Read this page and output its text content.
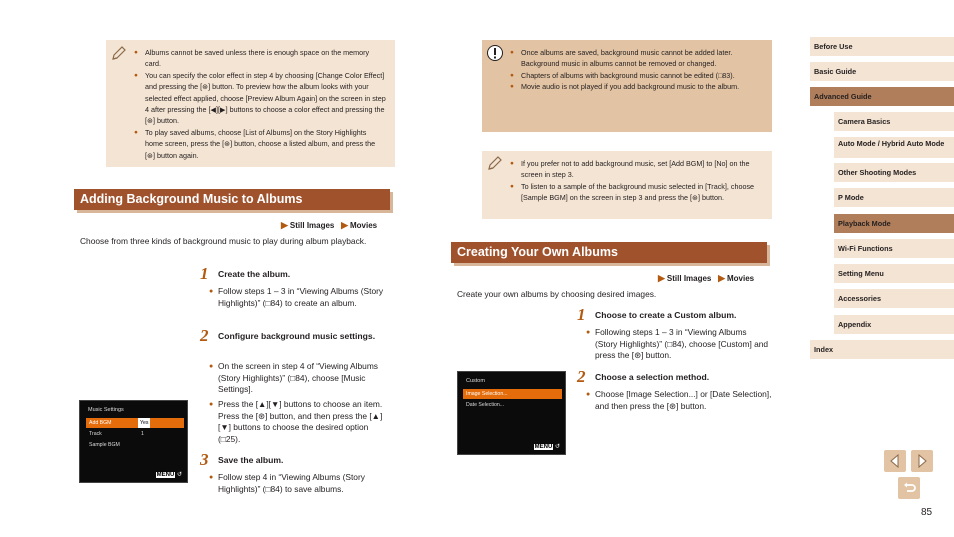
● Albums cannot be saved unless there is enough space on the memory card.
● You can specify the color effect in step 4 by choosing [Change Color Effect] and pressing the [⊛] button. To preview how the album looks with your selected effect applied, choose [Preview Album Again] on the screen in step 4 after pressing the [◀][▶] buttons to choose a color effect and pressing the [⊛] button.
● To play saved albums, choose [List of Albums] on the Story Highlights home screen, press the [⊛] button, choose a listed album, and press the [⊛] button again.
Adding Background Music to Albums
▶ Still Images ▶ Movies
Choose from three kinds of background music to play during album playback.
1 Create the album.
● Follow steps 1 – 3 in “Viewing Albums (Story Highlights)” (□84) to create an album.
2 Configure background music settings.
● On the screen in step 4 of “Viewing Albums (Story Highlights)” (□84), choose [Music Settings].
● Press the [▲][▼] buttons to choose an item. Press the [⊛] button, and then press the [▲][▼] buttons to choose the desired option (□25).
3 Save the album.
● Follow step 4 in “Viewing Albums (Story Highlights)” (□84) to save albums.
Music Settings
Add BGM	Yes
Track	1
Sample BGM
MENU ↺
● Once albums are saved, background music cannot be added later. Background music in albums cannot be removed or changed.
● Chapters of albums with background music cannot be edited (□83).
● Movie audio is not played if you add background music to the album.
● If you prefer not to add background music, set [Add BGM] to [No] on the screen in step 3.
● To listen to a sample of the background music selected in [Track], choose [Sample BGM] on the screen in step 3 and press the [⊛] button.
Creating Your Own Albums
▶ Still Images ▶ Movies
Create your own albums by choosing desired images.
1 Choose to create a Custom album.
● Following steps 1 – 3 in “Viewing Albums (Story Highlights)” (□84), choose [Custom] and press the [⊛] button.
2 Choose a selection method.
● Choose [Image Selection...] or [Date Selection], and then press the [⊛] button.
Custom
Image Selection...
Date Selection...
MENU ↺
Before Use
Basic Guide
Advanced Guide
Camera Basics
Auto Mode / Hybrid Auto Mode
Other Shooting Modes
P Mode
Playback Mode
Wi-Fi Functions
Setting Menu
Accessories
Appendix
Index
85
